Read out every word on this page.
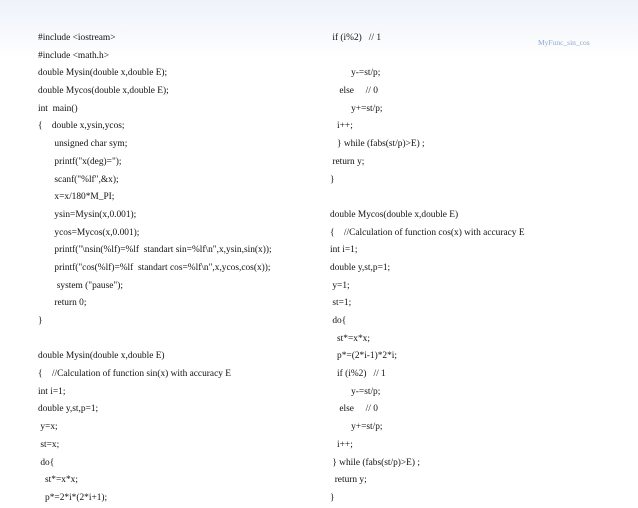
MyFunc_sin_cos
#include <iostream>
#include <math.h>
double Mysin(double x,double E);
double Mycos(double x,double E);
int  main()
{    double x,ysin,ycos;
unsigned char sym;
printf("x(deg)=");
scanf("%lf",&x);
x=x/180*M_PI;
ysin=Mysin(x,0.001);
ycos=Mycos(x,0.001);
printf("\nsin(%lf)=%lf  standart sin=%lf\n",x,ysin,sin(x));
printf("cos(%lf)=%lf  standart cos=%lf\n",x,ycos,cos(x));
system ("pause");
return 0;
}
double Mysin(double x,double E)
{    //Calculation of function sin(x) with accuracy E
int i=1;
double y,st,p=1;
y=x;
st=x;
do{
st*=x*x;
p*=2*i*(2*i+1);
if (i%2)   // 1
y-=st/p;
else     // 0
y+=st/p;
i++;
} while (fabs(st/p)>E) ;
return y;
}
double Mycos(double x,double E)
{    //Calculation of function cos(x) with accuracy E
int i=1;
double y,st,p=1;
y=1;
st=1;
do{
st*=x*x;
p*=(2*i-1)*2*i;
if (i%2)   // 1
y-=st/p;
else     // 0
y+=st/p;
i++;
} while (fabs(st/p)>E) ;
return y;
}
